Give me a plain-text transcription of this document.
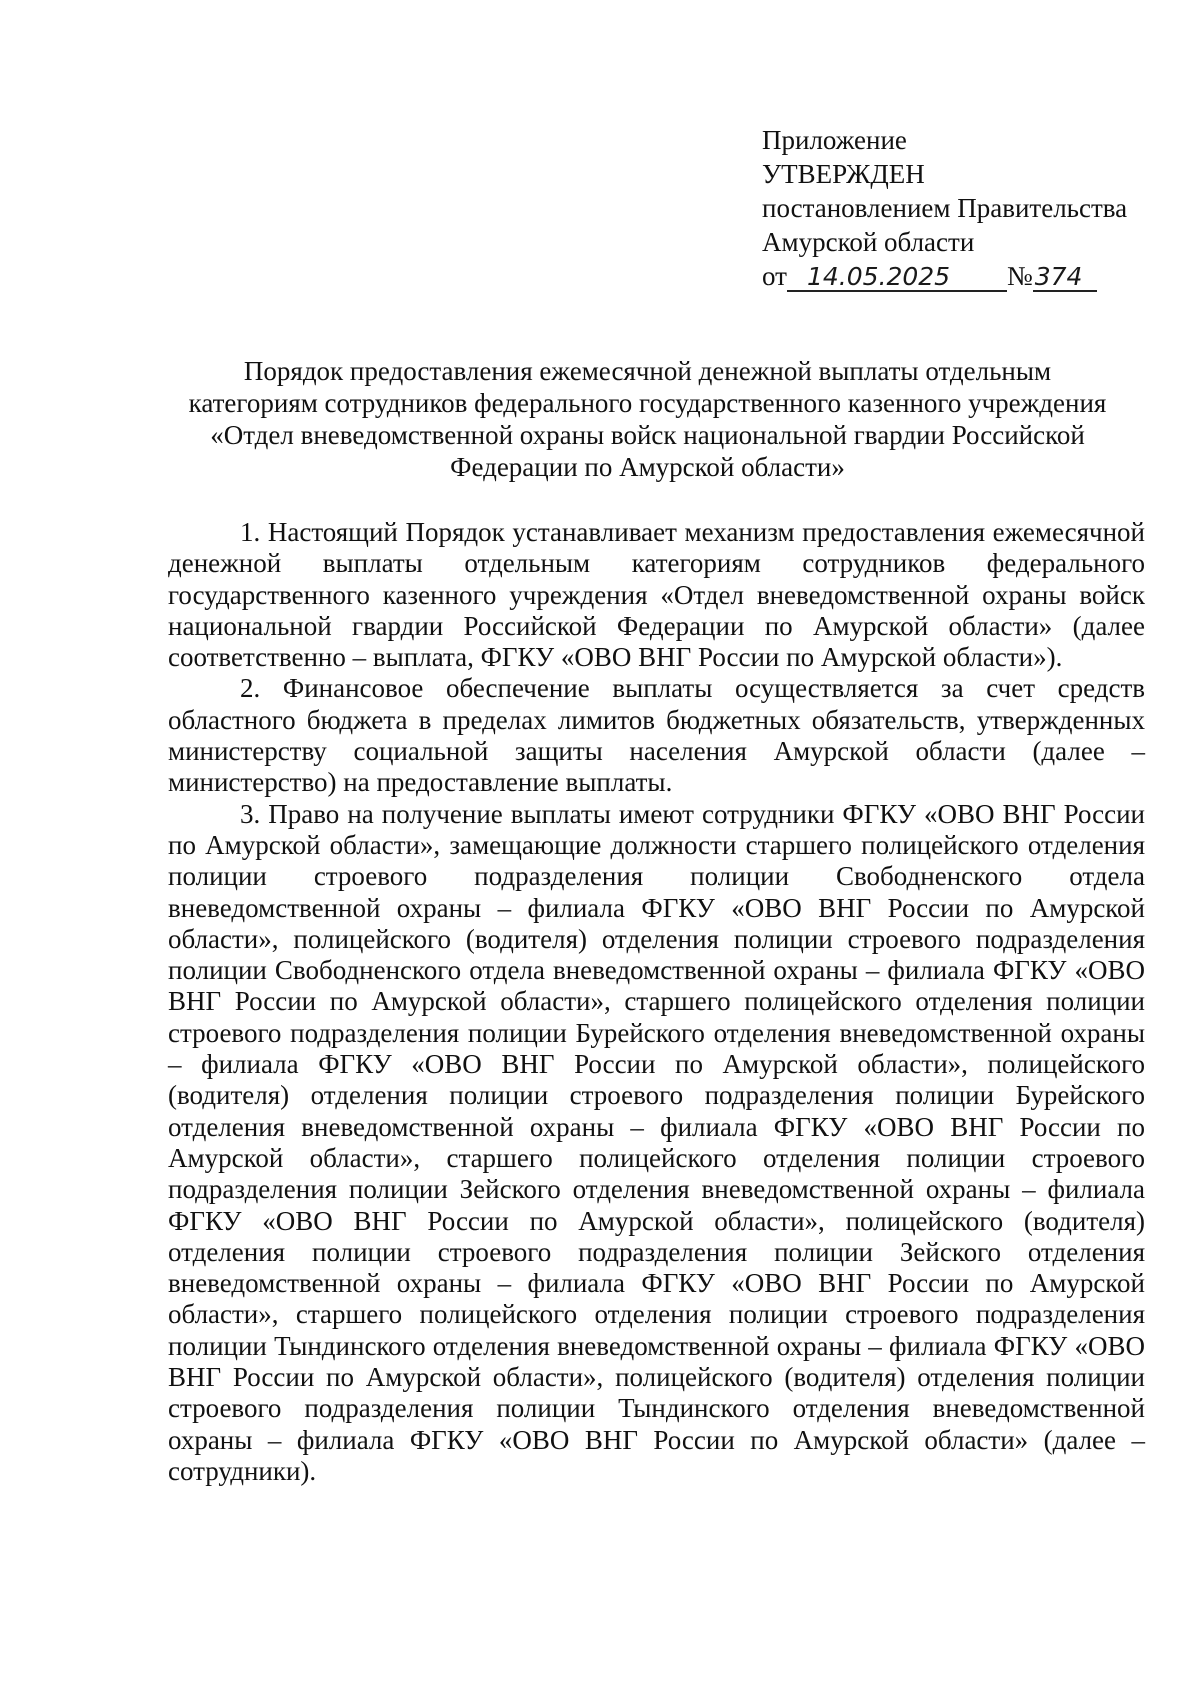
Приложение
УТВЕРЖДЕН
постановлением Правительства
Амурской области
от 14.05.2025 №374
Порядок предоставления ежемесячной денежной выплаты отдельным
категориям сотрудников федерального государственного казенного учреждения
«Отдел вневедомственной охраны войск национальной гвардии Российской
Федерации по Амурской области»

1. Настоящий Порядок устанавливает механизм предоставления ежемесячной денежной выплаты отдельным категориям сотрудников федерального государственного казенного учреждения «Отдел вневедомственной охраны войск национальной гвардии Российской Федерации по Амурской области» (далее соответственно – выплата, ФГКУ «ОВО ВНГ России по Амурской области»).

2. Финансовое обеспечение выплаты осуществляется за счет средств областного бюджета в пределах лимитов бюджетных обязательств, утвержденных министерству социальной защиты населения Амурской области (далее – министерство) на предоставление выплаты.

3. Право на получение выплаты имеют сотрудники ФГКУ «ОВО ВНГ России по Амурской области», замещающие должности старшего полицейского отделения полиции строевого подразделения полиции Свободненского отдела вневедомственной охраны – филиала ФГКУ «ОВО ВНГ России по Амурской области», полицейского (водителя) отделения полиции строевого подразделения полиции Свободненского отдела вневедомственной охраны – филиала ФГКУ «ОВО ВНГ России по Амурской области», старшего полицейского отделения полиции строевого подразделения полиции Бурейского отделения вневедомственной охраны – филиала ФГКУ «ОВО ВНГ России по Амурской области», полицейского (водителя) отделения полиции строевого подразделения полиции Бурейского отделения вневедомственной охраны – филиала ФГКУ «ОВО ВНГ России по Амурской области», старшего полицейского отделения полиции строевого подразделения полиции Зейского отделения вневедомственной охраны – филиала ФГКУ «ОВО ВНГ России по Амурской области», полицейского (водителя) отделения полиции строевого подразделения полиции Зейского отделения вневедомственной охраны – филиала ФГКУ «ОВО ВНГ России по Амурской области», старшего полицейского отделения полиции строевого подразделения полиции Тындинского отделения вневедомственной охраны – филиала ФГКУ «ОВО ВНГ России по Амурской области», полицейского (водителя) отделения полиции строевого подразделения полиции Тындинского отделения вневедомственной охраны – филиала ФГКУ «ОВО ВНГ России по Амурской области» (далее – сотрудники).
